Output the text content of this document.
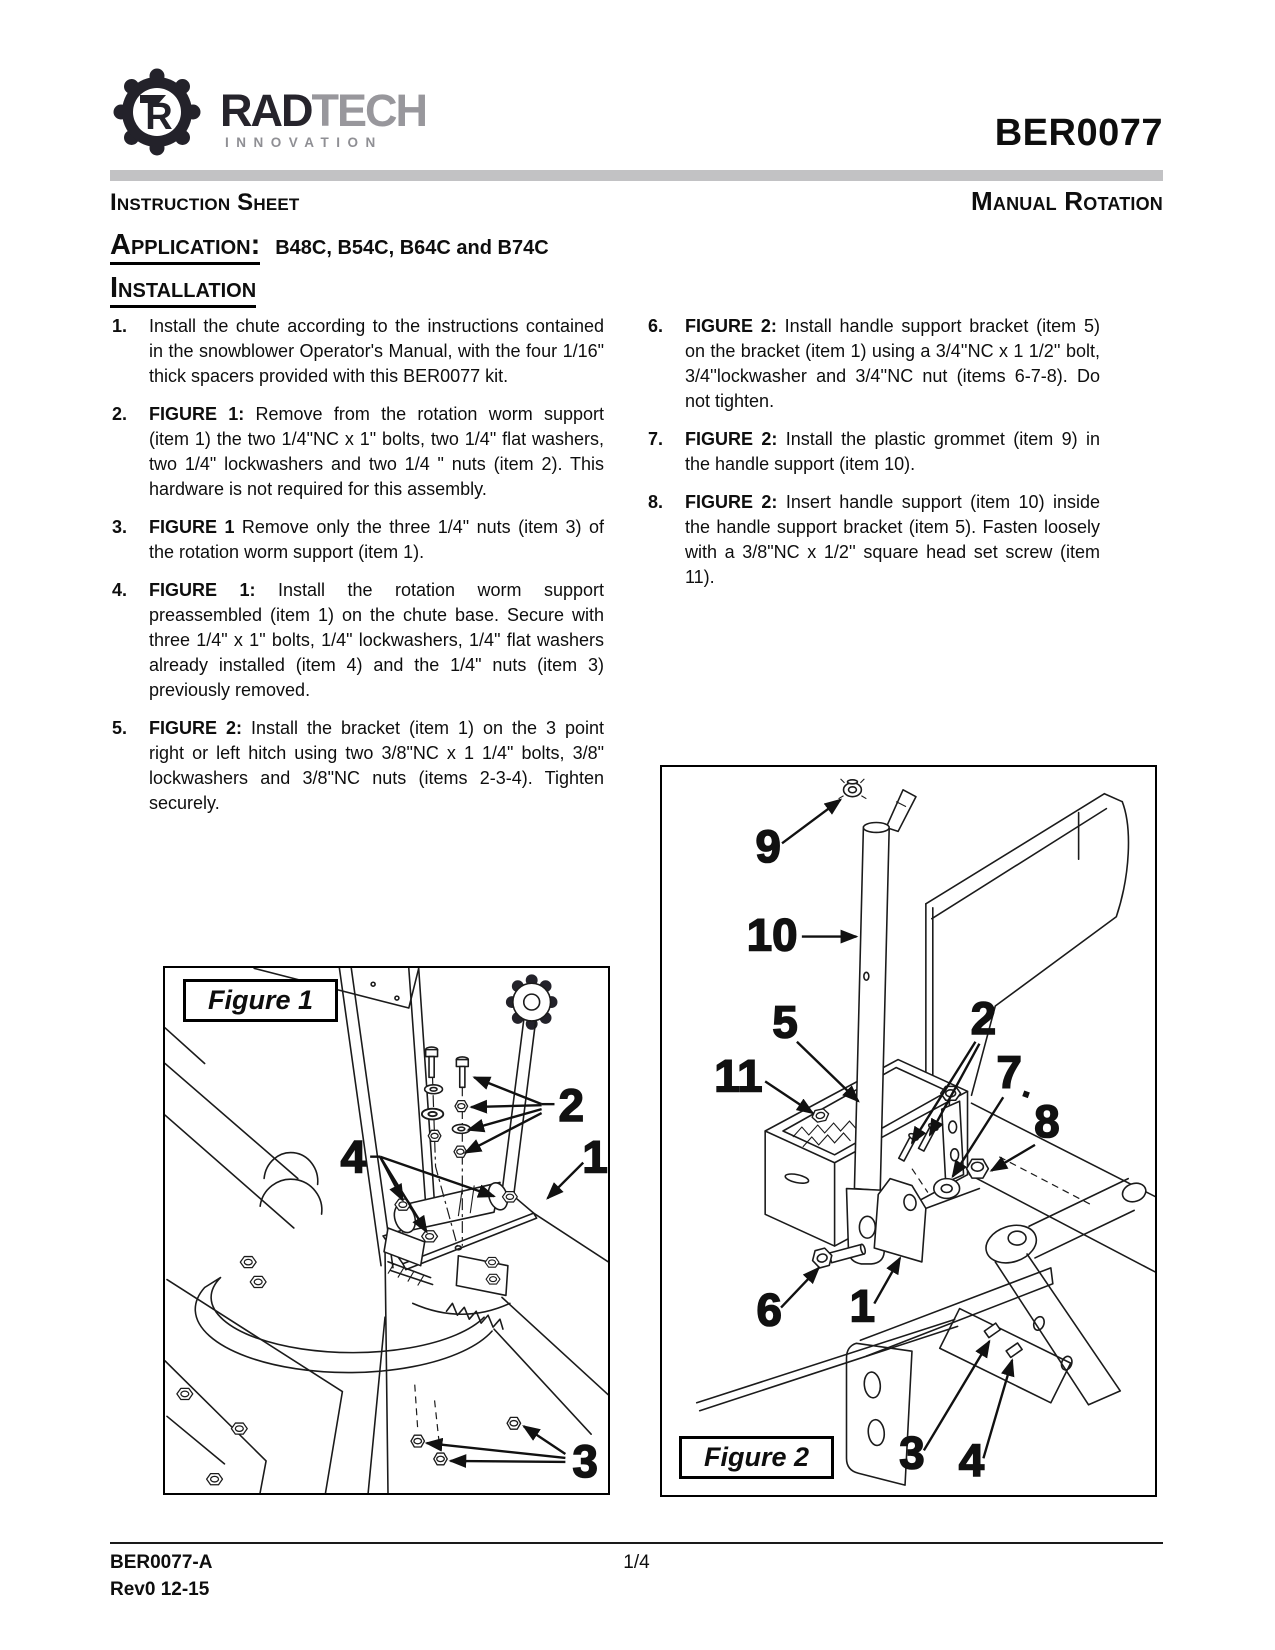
R RADTECH
INNOVATION	BER0077
Instruction Sheet	Manual Rotation
Application: B48C, B54C, B64C and B74C
Installation
1.	Install the chute according to the instructions contained in the snowblower Operator's Manual, with the four 1/16" thick spacers provided with this BER0077 kit.
2.	FIGURE 1: Remove from the rotation worm support (item 1) the two 1/4"NC x 1" bolts, two 1/4" flat washers, two 1/4" lockwashers and two 1/4 " nuts (item 2). This hardware is not required for this assembly.
3.	FIGURE 1 Remove only the three 1/4" nuts (item 3) of the rotation worm support (item 1).
4.	FIGURE 1: Install the rotation worm support preassembled (item 1) on the chute base. Secure with three 1/4" x 1" bolts, 1/4" lockwashers, 1/4" flat washers already installed (item 4) and the 1/4" nuts (item 3) previously removed.
5.	FIGURE 2: Install the bracket (item 1) on the 3 point right or left hitch using two 3/8"NC x 1 1/4" bolts, 3/8" lockwashers and 3/8"NC nuts (items 2-3-4). Tighten securely.
6.	FIGURE 2: Install handle support bracket (item 5) on the bracket (item 1) using a 3/4''NC x 1 1/2'' bolt, 3/4''lockwasher and 3/4''NC nut (items 6-7-8). Do not tighten.
7.	FIGURE 2: Install the plastic grommet (item 9) in the handle support (item 10).
8.	FIGURE 2: Insert handle support (item 10) inside the handle support bracket (item 5). Fasten loosely with a 3/8"NC x 1/2'' square head set screw (item 11).
Figure 1
2
4	1
3	Figure 2
9
10
5
11
2
7
8
6 1
3 4
BER0077-A	1/4
Rev0 12-15
